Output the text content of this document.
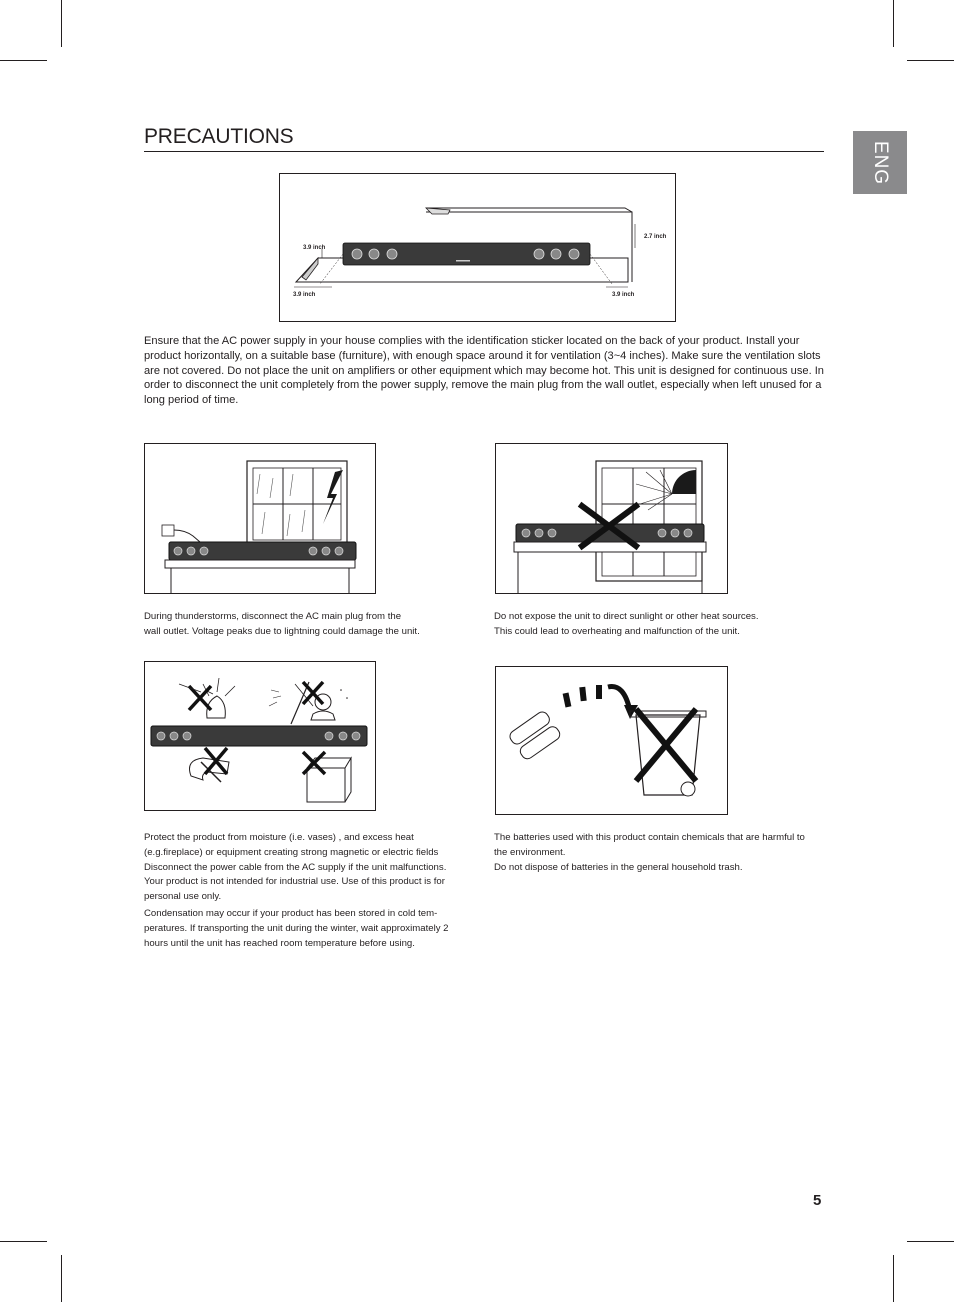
ENG
PRECAUTIONS
3.9 inch
3.9 inch	3.9 inch
2.7 inch

Ensure that the AC power supply in your house complies with the identification sticker located on the back of your product. Install your product horizontally, on a suitable base (furniture), with enough space around it for ventilation (3~4 inches). Make sure the ventilation slots are not covered. Do not place the unit on amplifiers or other equipment which may become hot. This unit is designed for continuous use. In order to disconnect the unit completely from the power supply, remove the main plug from the wall outlet, especially when left unused for a long period of time.

During thunderstorms, disconnect the AC main plug from the
wall outlet. Voltage peaks due to lightning could damage the unit.

Do not expose the unit to direct sunlight or other heat sources.
This could lead to overheating and malfunction of the unit.

Protect the product from moisture (i.e. vases) , and excess heat
(e.g.fireplace) or equipment creating strong magnetic or electric fields
Disconnect the power cable from the AC supply if the unit malfunctions.
Your product is not intended for industrial use. Use of this product is for
personal use only.

Condensation may occur if your product has been stored in cold tem-
peratures. If transporting the unit during the winter, wait approximately 2
hours until the unit has reached room temperature before using.

The batteries used with this product contain chemicals that are harmful to
the environment.
Do not dispose of batteries in the general household trash.

5
